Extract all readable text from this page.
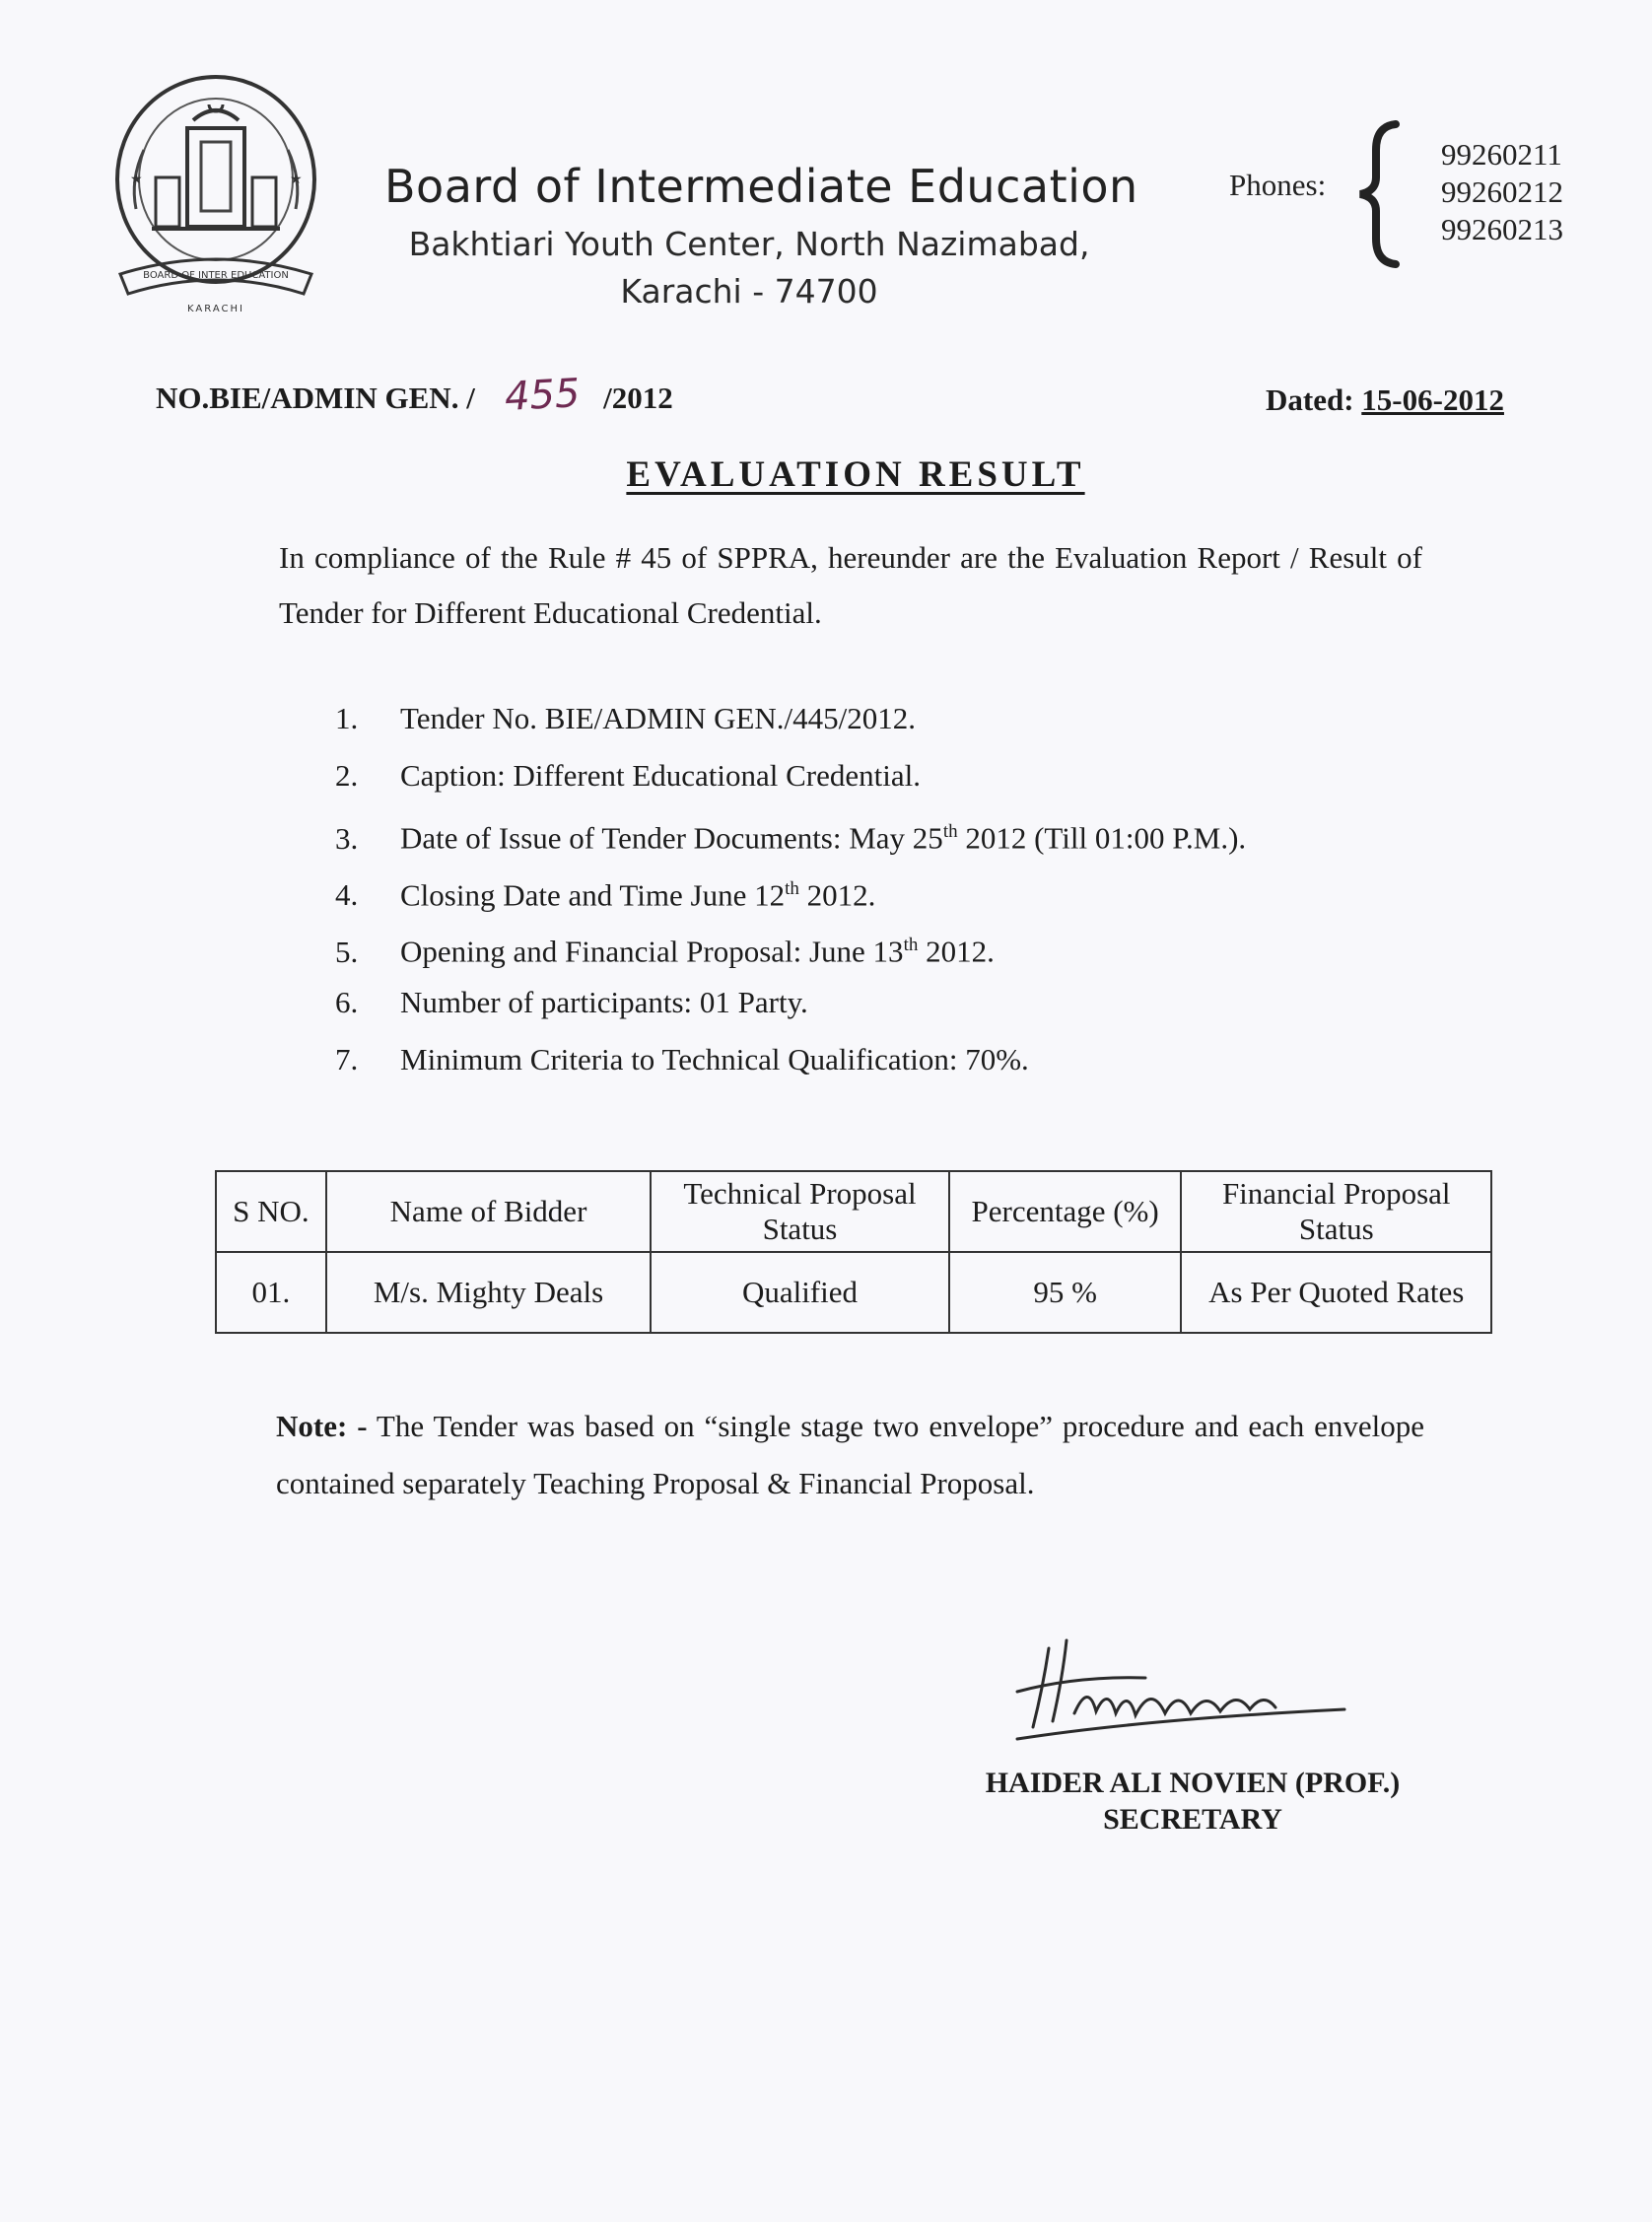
★	★
BOARD OF INTER EDUCATION
KARACHI
Board of Intermediate Education
Bakhtiari Youth Center, North Nazimabad,
Karachi - 74700
Phones:
99260211
99260212
99260213
NO.BIE/ADMIN GEN. / 455 /2012	Dated: 15-06-2012
EVALUATION RESULT
In compliance of the Rule # 45 of SPPRA, hereunder are the Evaluation Report / Result of Tender for Different Educational Credential.
1. Tender No. BIE/ADMIN GEN./445/2012.
2. Caption: Different Educational Credential.
3. Date of Issue of Tender Documents: May 25th 2012 (Till 01:00 P.M.).
4. Closing Date and Time June 12th 2012.
5. Opening and Financial Proposal: June 13th 2012.
6. Number of participants: 01 Party.
7. Minimum Criteria to Technical Qualification: 70%.
S NO.	Name of Bidder	Technical Proposal Status	Percentage (%)	Financial Proposal Status
01.	M/s. Mighty Deals	Qualified	95 %	As Per Quoted Rates
Note: - The Tender was based on “single stage two envelope” procedure and each envelope contained separately Teaching Proposal & Financial Proposal.
HAIDER ALI NOVIEN (PROF.)
SECRETARY
